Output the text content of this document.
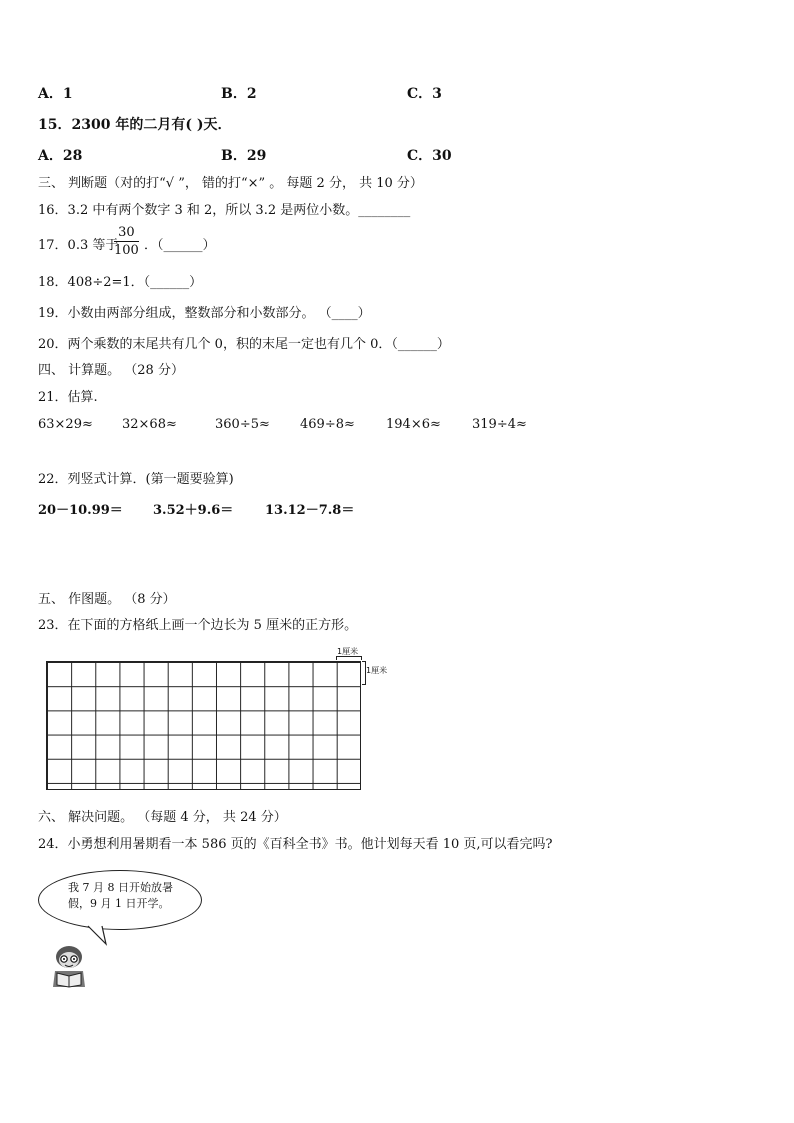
A．1	B．2	C．3
15．2300 年的二月有( )天．
A．28	B．29	C．30
三、 判断题（对的打“√ ”， 错的打“×” 。 每题 2 分， 共 10 分）
16．3.2 中有两个数字 3 和 2，所以 3.2 是两位小数。________
17．0.3 等于
$\frac{30}{100}$ ．（______）
18．408÷2=1．（______）
19．小数由两部分组成，整数部分和小数部分。 （____）
20．两个乘数的末尾共有几个 0，积的末尾一定也有几个 0．（______）
四、 计算题。 （28 分）
21．估算.
63×29≈ 32×68≈	360÷5≈ 469÷8≈ 194×6≈ 319÷4≈
22．列竖式计算．(第一题要验算)
20－10.99＝ 3.52＋9.6＝ 13.12－7.8＝
五、 作图题。 （8 分）
23．在下面的方格纸上画一个边长为 5 厘米的正方形。
1厘米
1厘米
六、 解决问题。 （每题 4 分， 共 24 分）
24．小勇想利用暑期看一本 586 页的《百科全书》书。他计划每天看 10 页,可以看完吗?
我 7 月 8 日开始放暑
假，9 月 1 日开学。
